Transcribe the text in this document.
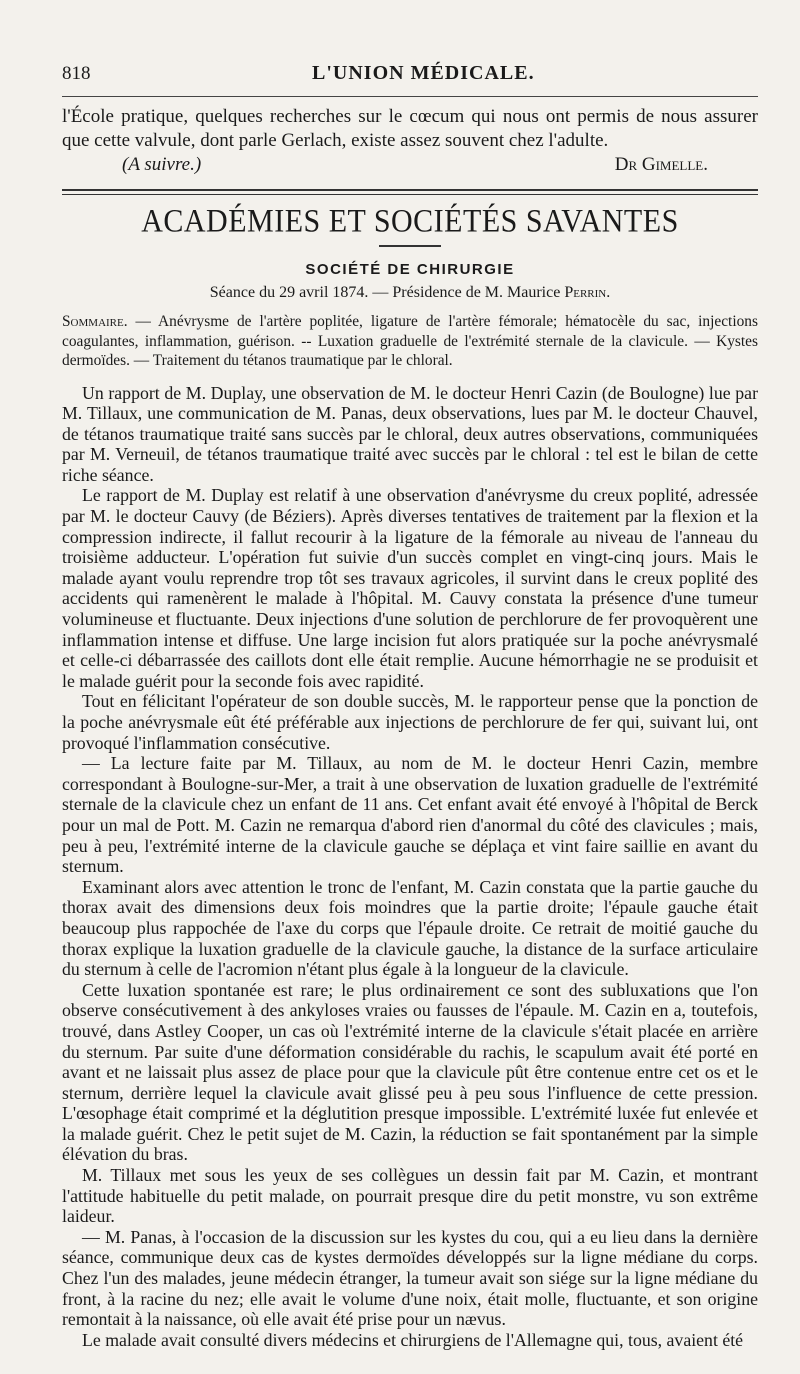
818	L'UNION MÉDICALE.

l'École pratique, quelques recherches sur le cœcum qui nous ont permis de nous assurer que cette valvule, dont parle Gerlach, existe assez souvent chez l'adulte.

(A suivre.)	Dr Gimelle.
ACADÉMIES ET SOCIÉTÉS SAVANTES
SOCIÉTÉ DE CHIRURGIE
Séance du 29 avril 1874. — Présidence de M. Maurice Perrin.

Sommaire. — Anévrysme de l'artère poplitée, ligature de l'artère fémorale; hématocèle du sac, injections coagulantes, inflammation, guérison. -- Luxation graduelle de l'extrémité sternale de la clavicule. — Kystes dermoïdes. — Traitement du tétanos traumatique par le chloral.

Un rapport de M. Duplay, une observation de M. le docteur Henri Cazin (de Boulogne) lue par M. Tillaux, une communication de M. Panas, deux observations, lues par M. le docteur Chauvel, de tétanos traumatique traité sans succès par le chloral, deux autres observations, communiquées par M. Verneuil, de tétanos traumatique traité avec succès par le chloral : tel est le bilan de cette riche séance.

Le rapport de M. Duplay est relatif à une observation d'anévrysme du creux poplité, adressée par M. le docteur Cauvy (de Béziers). Après diverses tentatives de traitement par la flexion et la compression indirecte, il fallut recourir à la ligature de la fémorale au niveau de l'anneau du troisième adducteur. L'opération fut suivie d'un succès complet en vingt-cinq jours. Mais le malade ayant voulu reprendre trop tôt ses travaux agricoles, il survint dans le creux poplité des accidents qui ramenèrent le malade à l'hôpital. M. Cauvy constata la présence d'une tumeur volumineuse et fluctuante. Deux injections d'une solution de perchlorure de fer provoquèrent une inflammation intense et diffuse. Une large incision fut alors pratiquée sur la poche anévrysmalé et celle-ci débarrassée des caillots dont elle était remplie. Aucune hémorrhagie ne se produisit et le malade guérit pour la seconde fois avec rapidité.

Tout en félicitant l'opérateur de son double succès, M. le rapporteur pense que la ponction de la poche anévrysmale eût été préférable aux injections de perchlorure de fer qui, suivant lui, ont provoqué l'inflammation consécutive.

— La lecture faite par M. Tillaux, au nom de M. le docteur Henri Cazin, membre correspondant à Boulogne-sur-Mer, a trait à une observation de luxation graduelle de l'extrémité sternale de la clavicule chez un enfant de 11 ans. Cet enfant avait été envoyé à l'hôpital de Berck pour un mal de Pott. M. Cazin ne remarqua d'abord rien d'anormal du côté des clavicules ; mais, peu à peu, l'extrémité interne de la clavicule gauche se déplaça et vint faire saillie en avant du sternum.

Examinant alors avec attention le tronc de l'enfant, M. Cazin constata que la partie gauche du thorax avait des dimensions deux fois moindres que la partie droite; l'épaule gauche était beaucoup plus rappochée de l'axe du corps que l'épaule droite. Ce retrait de moitié gauche du thorax explique la luxation graduelle de la clavicule gauche, la distance de la surface articulaire du sternum à celle de l'acromion n'étant plus égale à la longueur de la clavicule.

Cette luxation spontanée est rare; le plus ordinairement ce sont des subluxations que l'on observe consécutivement à des ankyloses vraies ou fausses de l'épaule. M. Cazin en a, toutefois, trouvé, dans Astley Cooper, un cas où l'extrémité interne de la clavicule s'était placée en arrière du sternum. Par suite d'une déformation considérable du rachis, le scapulum avait été porté en avant et ne laissait plus assez de place pour que la clavicule pût être contenue entre cet os et le sternum, derrière lequel la clavicule avait glissé peu à peu sous l'influence de cette pression. L'œsophage était comprimé et la déglutition presque impossible. L'extrémité luxée fut enlevée et la malade guérit. Chez le petit sujet de M. Cazin, la réduction se fait spontanément par la simple élévation du bras.

M. Tillaux met sous les yeux de ses collègues un dessin fait par M. Cazin, et montrant l'attitude habituelle du petit malade, on pourrait presque dire du petit monstre, vu son extrême laideur.

— M. Panas, à l'occasion de la discussion sur les kystes du cou, qui a eu lieu dans la dernière séance, communique deux cas de kystes dermoïdes développés sur la ligne médiane du corps. Chez l'un des malades, jeune médecin étranger, la tumeur avait son siége sur la ligne médiane du front, à la racine du nez; elle avait le volume d'une noix, était molle, fluctuante, et son origine remontait à la naissance, où elle avait été prise pour un nævus.

Le malade avait consulté divers médecins et chirurgiens de l'Allemagne qui, tous, avaient été
